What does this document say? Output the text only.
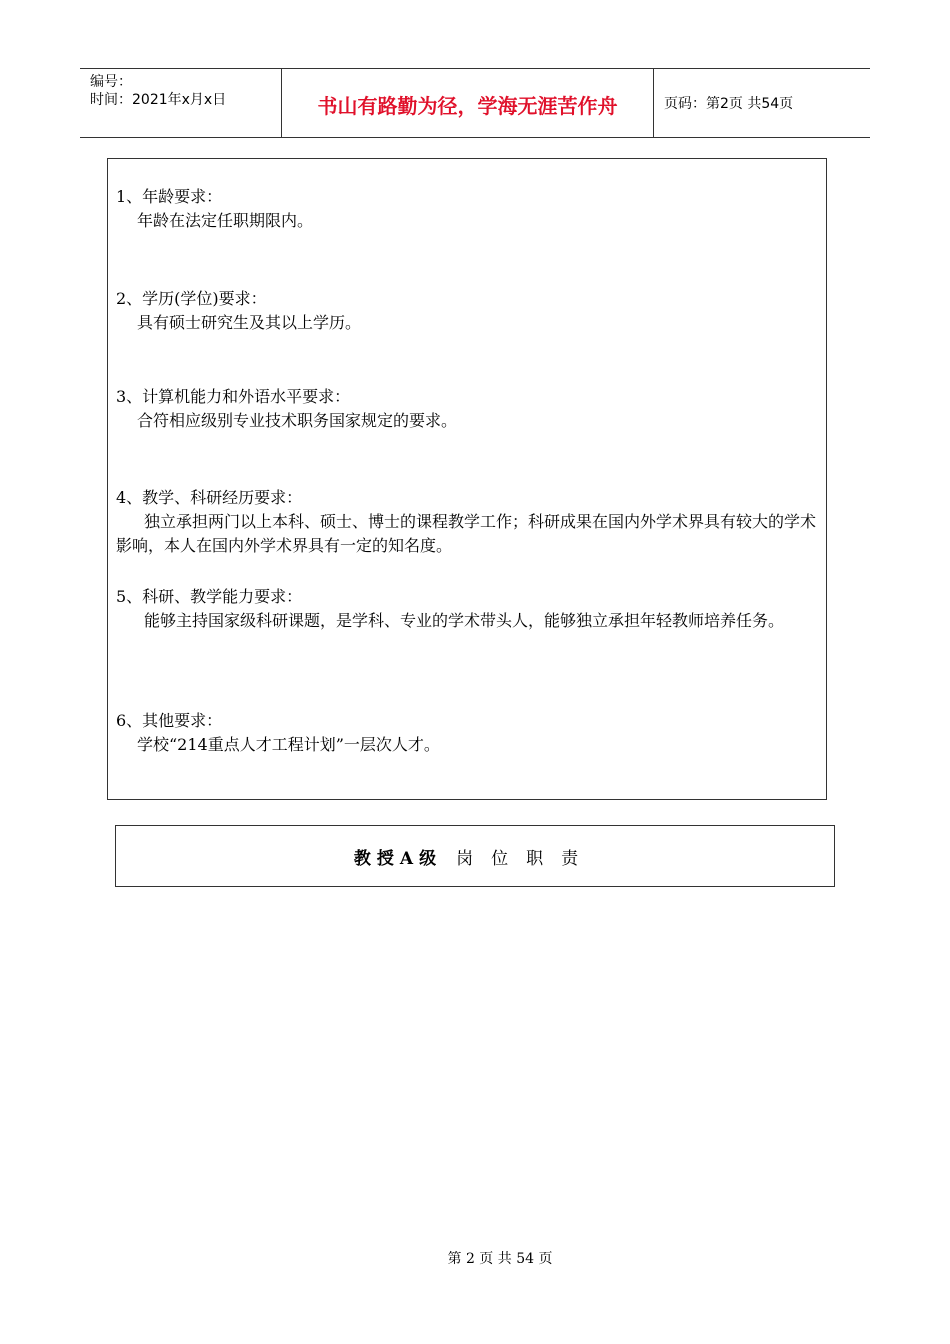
编号：
时间：2021年x月x日	书山有路勤为径，学海无涯苦作舟	页码：第2页 共54页
1、年龄要求：
年龄在法定任职期限内。
2、学历(学位)要求：
具有硕士研究生及其以上学历。
3、计算机能力和外语水平要求：
合符相应级别专业技术职务国家规定的要求。
4、教学、科研经历要求：
独立承担两门以上本科、硕士、博士的课程教学工作；科研成果在国内外学术界具有较大的学术影响，本人在国内外学术界具有一定的知名度。
5、科研、教学能力要求：
能够主持国家级科研课题，是学科、专业的学术带头人，能够独立承担年轻教师培养任务。
6、其他要求：
学校“214重点人才工程计划”一层次人才。
教授A级 岗位职责
第 2 页 共 54 页
